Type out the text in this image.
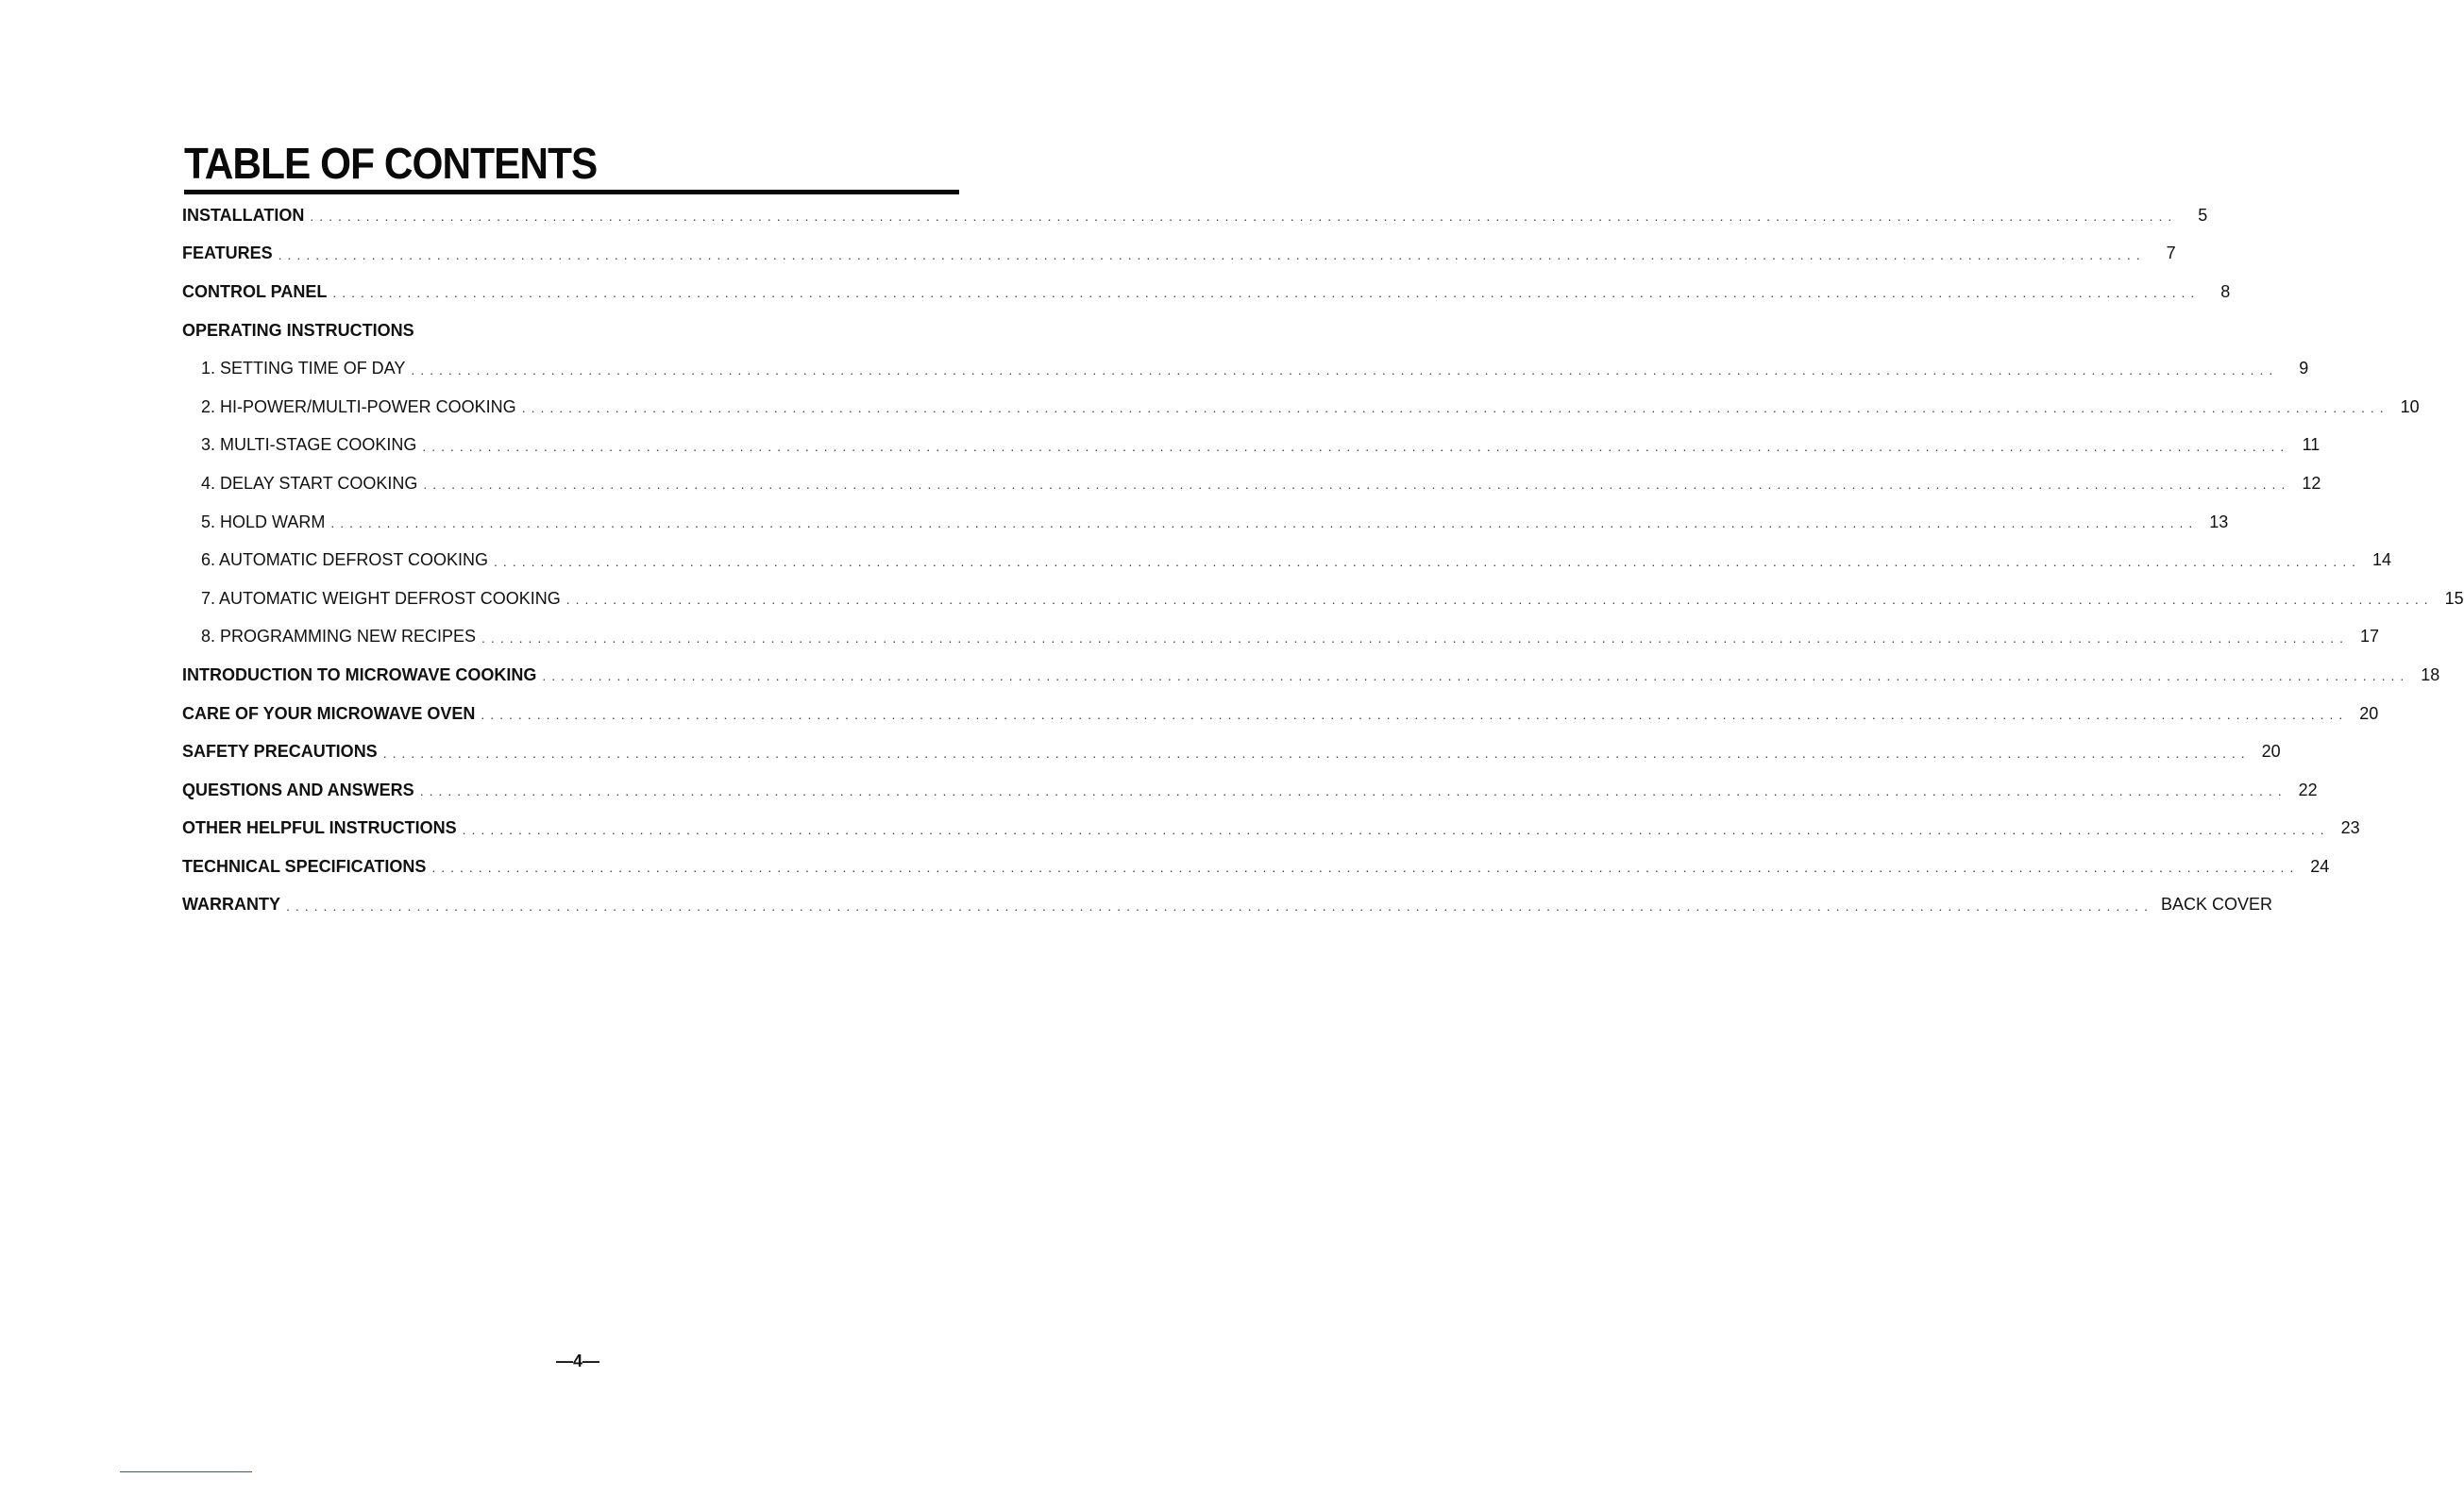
TABLE OF CONTENTS
INSTALLATION ........................................................................................................................................................................................................	5
FEATURES ........................................................................................................................................................................................................	7
CONTROL PANEL ........................................................................................................................................................................................................	8
OPERATING INSTRUCTIONS
1. SETTING TIME OF DAY ........................................................................................................................................................................................................	9
2. HI-POWER/MULTI-POWER COOKING ........................................................................................................................................................................................................ 10
3. MULTI-STAGE COOKING ........................................................................................................................................................................................................ 11
4. DELAY START COOKING ........................................................................................................................................................................................................ 12
5. HOLD WARM ........................................................................................................................................................................................................ 13
6. AUTOMATIC DEFROST COOKING ........................................................................................................................................................................................................ 14
7. AUTOMATIC WEIGHT DEFROST COOKING ........................................................................................................................................................................................................ 15
8. PROGRAMMING NEW RECIPES ........................................................................................................................................................................................................ 17
INTRODUCTION TO MICROWAVE COOKING ........................................................................................................................................................................................................ 18
CARE OF YOUR MICROWAVE OVEN ........................................................................................................................................................................................................ 20
SAFETY PRECAUTIONS ........................................................................................................................................................................................................ 20
QUESTIONS AND ANSWERS ........................................................................................................................................................................................................ 22
OTHER HELPFUL INSTRUCTIONS ........................................................................................................................................................................................................ 23
TECHNICAL SPECIFICATIONS ........................................................................................................................................................................................................ 24
WARRANTY ........................................................................................................................................................................................................ BACK COVER
—4—
